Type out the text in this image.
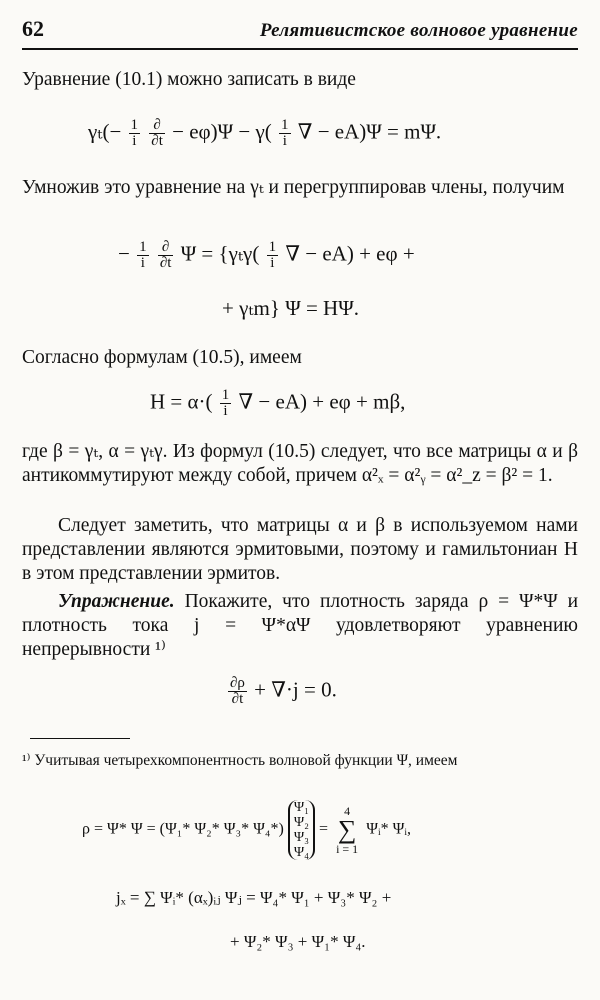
62	Релятивистское волновое уравнение
Уравнение (10.1) можно записать в виде
$\gamma_t(- \frac{1}{i}$
$\frac{\partial}{\partial t} - e\varphi)\Psi - \gamma( \frac{1}{i}$ ∇ − eA)Ψ = mΨ.
Умножив это уравнение на γₜ и перегруппировав члены, получим
− $\frac{1}{i}$
$\frac{\partial}{\partial t}$ $\Psi = \{\gamma_t\gamma( \frac{1}{i}$ ∇ − eA) + eφ +
+ γₜm} Ψ = HΨ.
Согласно формулам (10.5), имеем
$H = \alpha\cdot( \frac{1}{i}$ ∇ − eA) + eφ + mβ,
где β = γₜ, α = γₜγ. Из формул (10.5) следует, что все матрицы α и β антикоммутируют между собой, причем α²ₓ = α²ᵧ = α²_z = β² = 1.
Следует заметить, что матрицы α и β в используемом нами представлении являются эрмитовыми, поэтому и гамильтониан H в этом представлении эрмитов.
Упражнение. Покажите, что плотность заряда ρ = Ψ*Ψ и плотность тока j = Ψ*αΨ удовлетворяют уравнению непрерывности ¹⁾
$\frac{\partial\rho}{\partial t} + \nabla\cdot j = 0$.
¹⁾ Учитывая четырехкомпонентность волновой функции Ψ, имеем
ρ = Ψ* Ψ = (Ψ₁* Ψ₂* Ψ₃* Ψ₄*)
Ψ₁
Ψ₂
Ψ₃
Ψ₄
= 4
∑
i = 1 Ψᵢ* Ψᵢ,
jₓ = ∑ Ψᵢ* (αₓ)ᵢⱼ Ψⱼ = Ψ₄* Ψ₁ + Ψ₃* Ψ₂ +
+ Ψ₂* Ψ₃ + Ψ₁* Ψ₄.
